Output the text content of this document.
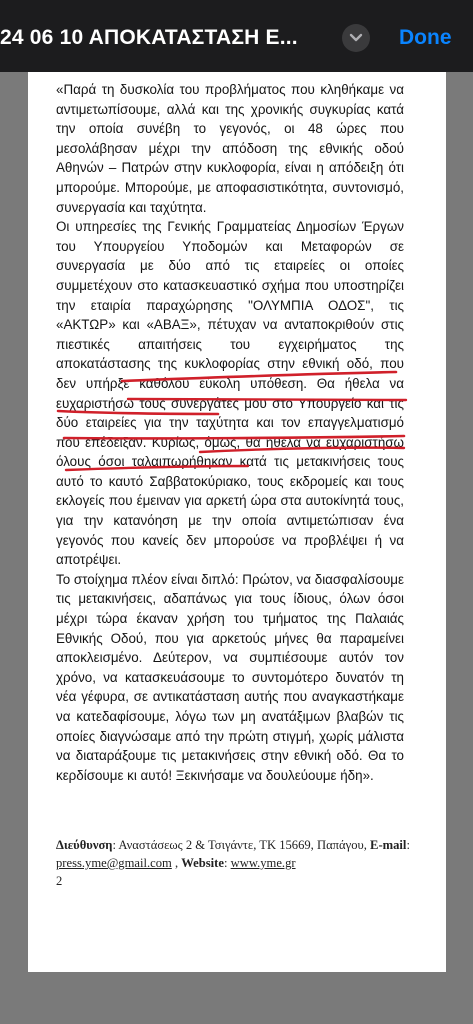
24 06 10 ΑΠΟΚΑΤΑΣΤΑΣΗ Ε...	Done

«Παρά τη δυσκολία του προβλήματος που κληθήκαμε να αντιμετωπίσουμε, αλλά και της χρονικής συγκυρίας κατά την οποία συνέβη το γεγονός, οι 48 ώρες που μεσολάβησαν μέχρι την απόδοση της εθνικής οδού Αθηνών – Πατρών στην κυκλοφορία, είναι η απόδειξη ότι μπορούμε. Μπορούμε, με αποφασιστικότητα, συντονισμό, συνεργασία και ταχύτητα.

Οι υπηρεσίες της Γενικής Γραμματείας Δημοσίων Έργων του Υπουργείου Υποδομών και Μεταφορών σε συνεργασία με δύο από τις εταιρείες οι οποίες συμμετέχουν στο κατασκευαστικό σχήμα που υποστηρίζει την εταιρία παραχώρησης "ΟΛΥΜΠΙΑ ΟΔΟΣ", τις «ΑΚΤΩΡ» και «ΑΒΑΞ», πέτυχαν να ανταποκριθούν στις πιεστικές απαιτήσεις του εγχειρήματος της αποκατάστασης της κυκλοφορίας στην εθνική οδό, που δεν υπήρξε καθόλου εύκολη υπόθεση. Θα ήθελα να ευχαριστήσω τους συνεργάτες μου στο Υπουργείο και τις δύο εταιρείες για την ταχύτητα και τον επαγγελματισμό που επέδειξαν. Κυρίως, όμως, θα ήθελα να ευχαριστήσω όλους όσοι ταλαιπωρήθηκαν κατά τις μετακινήσεις τους αυτό το καυτό Σαββατοκύριακο, τους εκδρομείς και τους εκλογείς που έμειναν για αρκετή ώρα στα αυτοκίνητά τους, για την κατανόηση με την οποία αντιμετώπισαν ένα γεγονός που κανείς δεν μπορούσε να προβλέψει ή να αποτρέψει.

Το στοίχημα πλέον είναι διπλό: Πρώτον, να διασφαλίσουμε τις μετακινήσεις, αδαπάνως για τους ίδιους, όλων όσοι μέχρι τώρα έκαναν χρήση του τμήματος της Παλαιάς Εθνικής Οδού, που για αρκετούς μήνες θα παραμείνει αποκλεισμένο. Δεύτερον, να συμπιέσουμε αυτόν τον χρόνο, να κατασκευάσουμε το συντομότερο δυνατόν τη νέα γέφυρα, σε αντικατάσταση αυτής που αναγκαστήκαμε να κατεδαφίσουμε, λόγω των μη ανατάξιμων βλαβών τις οποίες διαγνώσαμε από την πρώτη στιγμή, χωρίς μάλιστα να διαταράξουμε τις μετακινήσεις στην εθνική οδό. Θα το κερδίσουμε κι αυτό! Ξεκινήσαμε να δουλεύουμε ήδη».

Διεύθυνση: Αναστάσεως 2 & Τσιγάντε, ΤΚ 15669, Παπάγου, E-mail: press.yme@gmail.com , Website: www.yme.gr
2
